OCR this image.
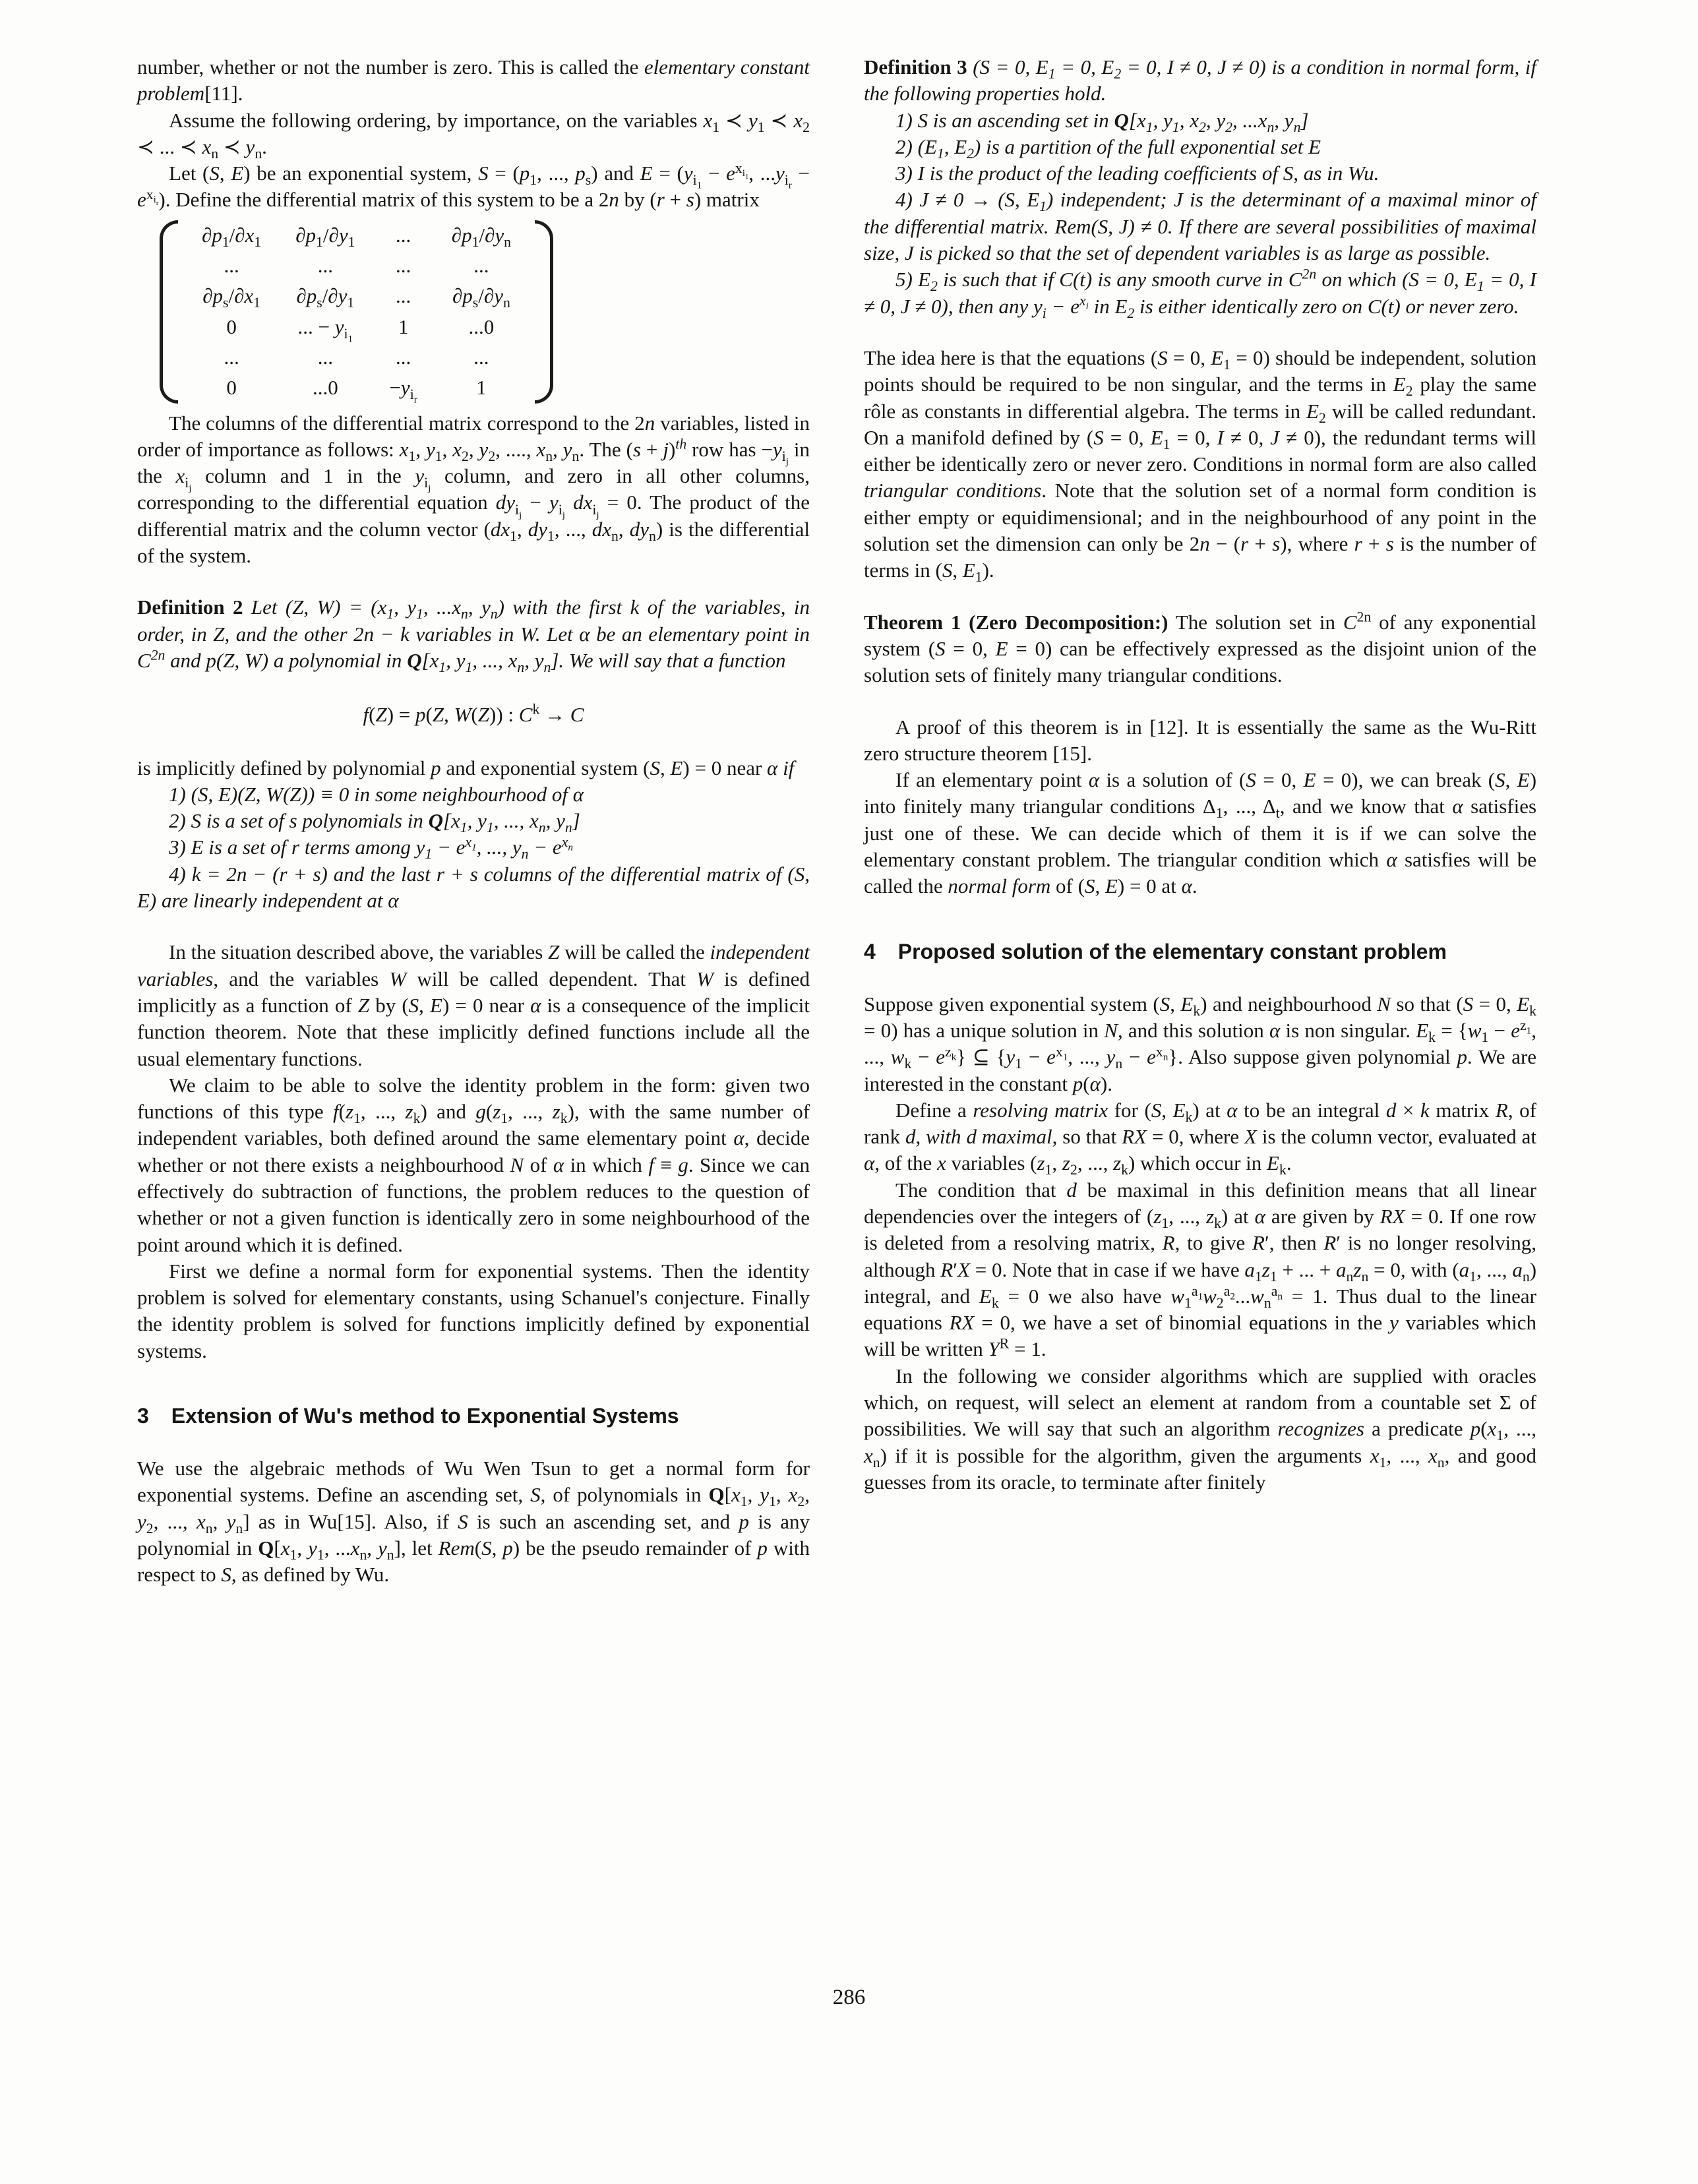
number, whether or not the number is zero. This is called the elementary constant problem[11].

Assume the following ordering, by importance, on the variables $x_1$ ≺ $y_1$ ≺ $x_2$ ≺ ... ≺ $x_n$ ≺ $y_n$.

Let (S, E) be an exponential system, $S = (p_1$, ..., $p_s$) and $E = (y_{i_1} - e^{x_{i_1}}$, $...y_{i_r} - e^{x_{i_r}}$). Define the differential matrix of this system to be a 2n by (r + s) matrix

$\partial p_1/\partial x_1$	$\partial p_1/\partial y_1$	...	$\partial p_1/\partial y_n$
...	...	...	...
$\partial p_s/\partial x_1$	$\partial p_s/\partial y_1$	...	$\partial p_s/\partial y_n$
0	... − $y_{i_1}$	1	...0
...	...	...	...
0	...0	$-y_{i_r}$	1

The columns of the differential matrix correspond to the 2n variables, listed in order of importance as follows: $x_1$, $y_1$, $x_2$, $y_2$, ...., $x_n$, $y_n$. The $(s + j)^{th}$ row has $-y_{i_j}$ in the $x_{i_j}$ column and 1 in the $y_{i_j}$ column, and zero in all other columns, corresponding to the differential equation $dy_{i_j} - y_{i_j}$ $dx_{i_j} = 0$. The product of the differential matrix and the column vector ($dx_1$, $dy_1$, ..., $dx_n$, $dy_n$) is the differential of the system.

Definition 2 Let (Z, $W) = (x_1$, $y_1$, $...x_n$, $y_n$) with the first k of the variables, in order, in Z, and the other 2n − k variables in W. Let α be an elementary point in $C^{2n}$ and p(Z, W) a polynomial in $Q[x_1$, $y_1$, ..., $x_n$, $y_n$]. We will say that a function

f(Z) = p(Z, W(Z)) : $C^k \to C$

is implicitly defined by polynomial p and exponential system (S, E) = 0 near α if

1) (S, E)(Z, W(Z)) ≡ 0 in some neighbourhood of α

2) S is a set of s polynomials in $Q[x_1$, $y_1$, ..., $x_n$, $y_n$]

3) E is a set of r terms among $y_1 - e^{x_1}$, ..., $y_n - e^{x_n}$

4) k = 2n − (r + s) and the last r + s columns of the differential matrix of (S, E) are linearly independent at α

In the situation described above, the variables Z will be called the independent variables, and the variables W will be called dependent. That W is defined implicitly as a function of Z by (S, E) = 0 near α is a consequence of the implicit function theorem. Note that these implicitly defined functions include all the usual elementary functions.

We claim to be able to solve the identity problem in the form: given two functions of this type $f(z_1$, ..., $z_k$) and $g(z_1$, ..., $z_k$), with the same number of independent variables, both defined around the same elementary point α, decide whether or not there exists a neighbourhood N of α in which f ≡ g. Since we can effectively do subtraction of functions, the problem reduces to the question of whether or not a given function is identically zero in some neighbourhood of the point around which it is defined.

First we define a normal form for exponential systems. Then the identity problem is solved for elementary constants, using Schanuel's conjecture. Finally the identity problem is solved for functions implicitly defined by exponential systems.

3 Extension of Wu's method to Exponential Systems

We use the algebraic methods of Wu Wen Tsun to get a normal form for exponential systems. Define an ascending set, S, of polynomials in $Q[x_1$, $y_1$, $x_2$, $y_2$, ..., $x_n$, $y_n$] as in Wu[15]. Also, if S is such an ascending set, and p is any polynomial in $Q[x_1$, $y_1$, $...x_n$, $y_n$], let Rem(S, p) be the pseudo remainder of p with respect to S, as defined by Wu.

Definition 3 (S = 0, $E_1 = 0$, $E_2 = 0$, I ≠ 0, J ≠ 0) is a condition in normal form, if the following properties hold.

1) S is an ascending set in $Q[x_1$, $y_1$, $x_2$, $y_2$, $...x_n$, $y_n$]

2) ($E_1$, $E_2$) is a partition of the full exponential set E

3) I is the product of the leading coefficients of S, as in Wu.

4) J ≠ 0 → (S, $E_1$) independent; J is the determinant of a maximal minor of the differential matrix. Rem(S, J) ≠ 0. If there are several possibilities of maximal size, J is picked so that the set of dependent variables is as large as possible.

5) $E_2$ is such that if C(t) is any smooth curve in $C^{2n}$ on which (S = 0, $E_1 = 0$, I ≠ 0, J ≠ 0), then any $y_i - e^{x_i}$ in $E_2$ is either identically zero on C(t) or never zero.

The idea here is that the equations (S = 0, $E_1 = 0$) should be independent, solution points should be required to be non singular, and the terms in $E_2$ play the same rôle as constants in differential algebra. The terms in $E_2$ will be called redundant. On a manifold defined by (S = 0, $E_1 = 0$, I ≠ 0, J ≠ 0), the redundant terms will either be identically zero or never zero. Conditions in normal form are also called triangular conditions. Note that the solution set of a normal form condition is either empty or equidimensional; and in the neighbourhood of any point in the solution set the dimension can only be 2n − (r + s), where r + s is the number of terms in (S, $E_1$).

Theorem 1 (Zero Decomposition:) The solution set in $C^{2n}$ of any exponential system (S = 0, E = 0) can be effectively expressed as the disjoint union of the solution sets of finitely many triangular conditions.

A proof of this theorem is in [12]. It is essentially the same as the Wu-Ritt zero structure theorem [15].

If an elementary point α is a solution of (S = 0, E = 0), we can break (S, E) into finitely many triangular conditions $\Delta_1$, ..., $\Delta_t$, and we know that α satisfies just one of these. We can decide which of them it is if we can solve the elementary constant problem. The triangular condition which α satisfies will be called the normal form of (S, E) = 0 at α.

4 Proposed solution of the elementary constant problem

Suppose given exponential system (S, $E_k$) and neighbourhood N so that (S = 0, $E_k = 0$) has a unique solution in N, and this solution α is non singular. $E_k = \{w_1 - e^{z_1}$, ..., $w_k - e^{z_k}$} ⊆ {$y_1 - e^{x_1}$, ..., $y_n - e^{x_n}$}. Also suppose given polynomial p. We are interested in the constant p(α).

Define a resolving matrix for (S, $E_k$) at α to be an integral d × k matrix R, of rank d, with d maximal, so that RX = 0, where X is the column vector, evaluated at α, of the x variables ($z_1$, $z_2$, ..., $z_k$) which occur in $E_k$.

The condition that d be maximal in this definition means that all linear dependencies over the integers of ($z_1$, ..., $z_k$) at α are given by RX = 0. If one row is deleted from a resolving matrix, R, to give R′, then R′ is no longer resolving, although R′X = 0. Note that in case if we have $a_1z_1$ + ... + $a_nz_n = 0$, with ($a_1$, ..., $a_n$) integral, and $E_k = 0$ we also have $w_1^{a_1}w_2^{a_2}...w_n^{a_n} = 1$. Thus dual to the linear equations RX = 0, we have a set of binomial equations in the y variables which will be written $Y^R = 1$.

In the following we consider algorithms which are supplied with oracles which, on request, will select an element at random from a countable set Σ of possibilities. We will say that such an algorithm recognizes a predicate $p(x_1$, ..., $x_n$) if it is possible for the algorithm, given the arguments $x_1$, ..., $x_n$, and good guesses from its oracle, to terminate after finitely

286
